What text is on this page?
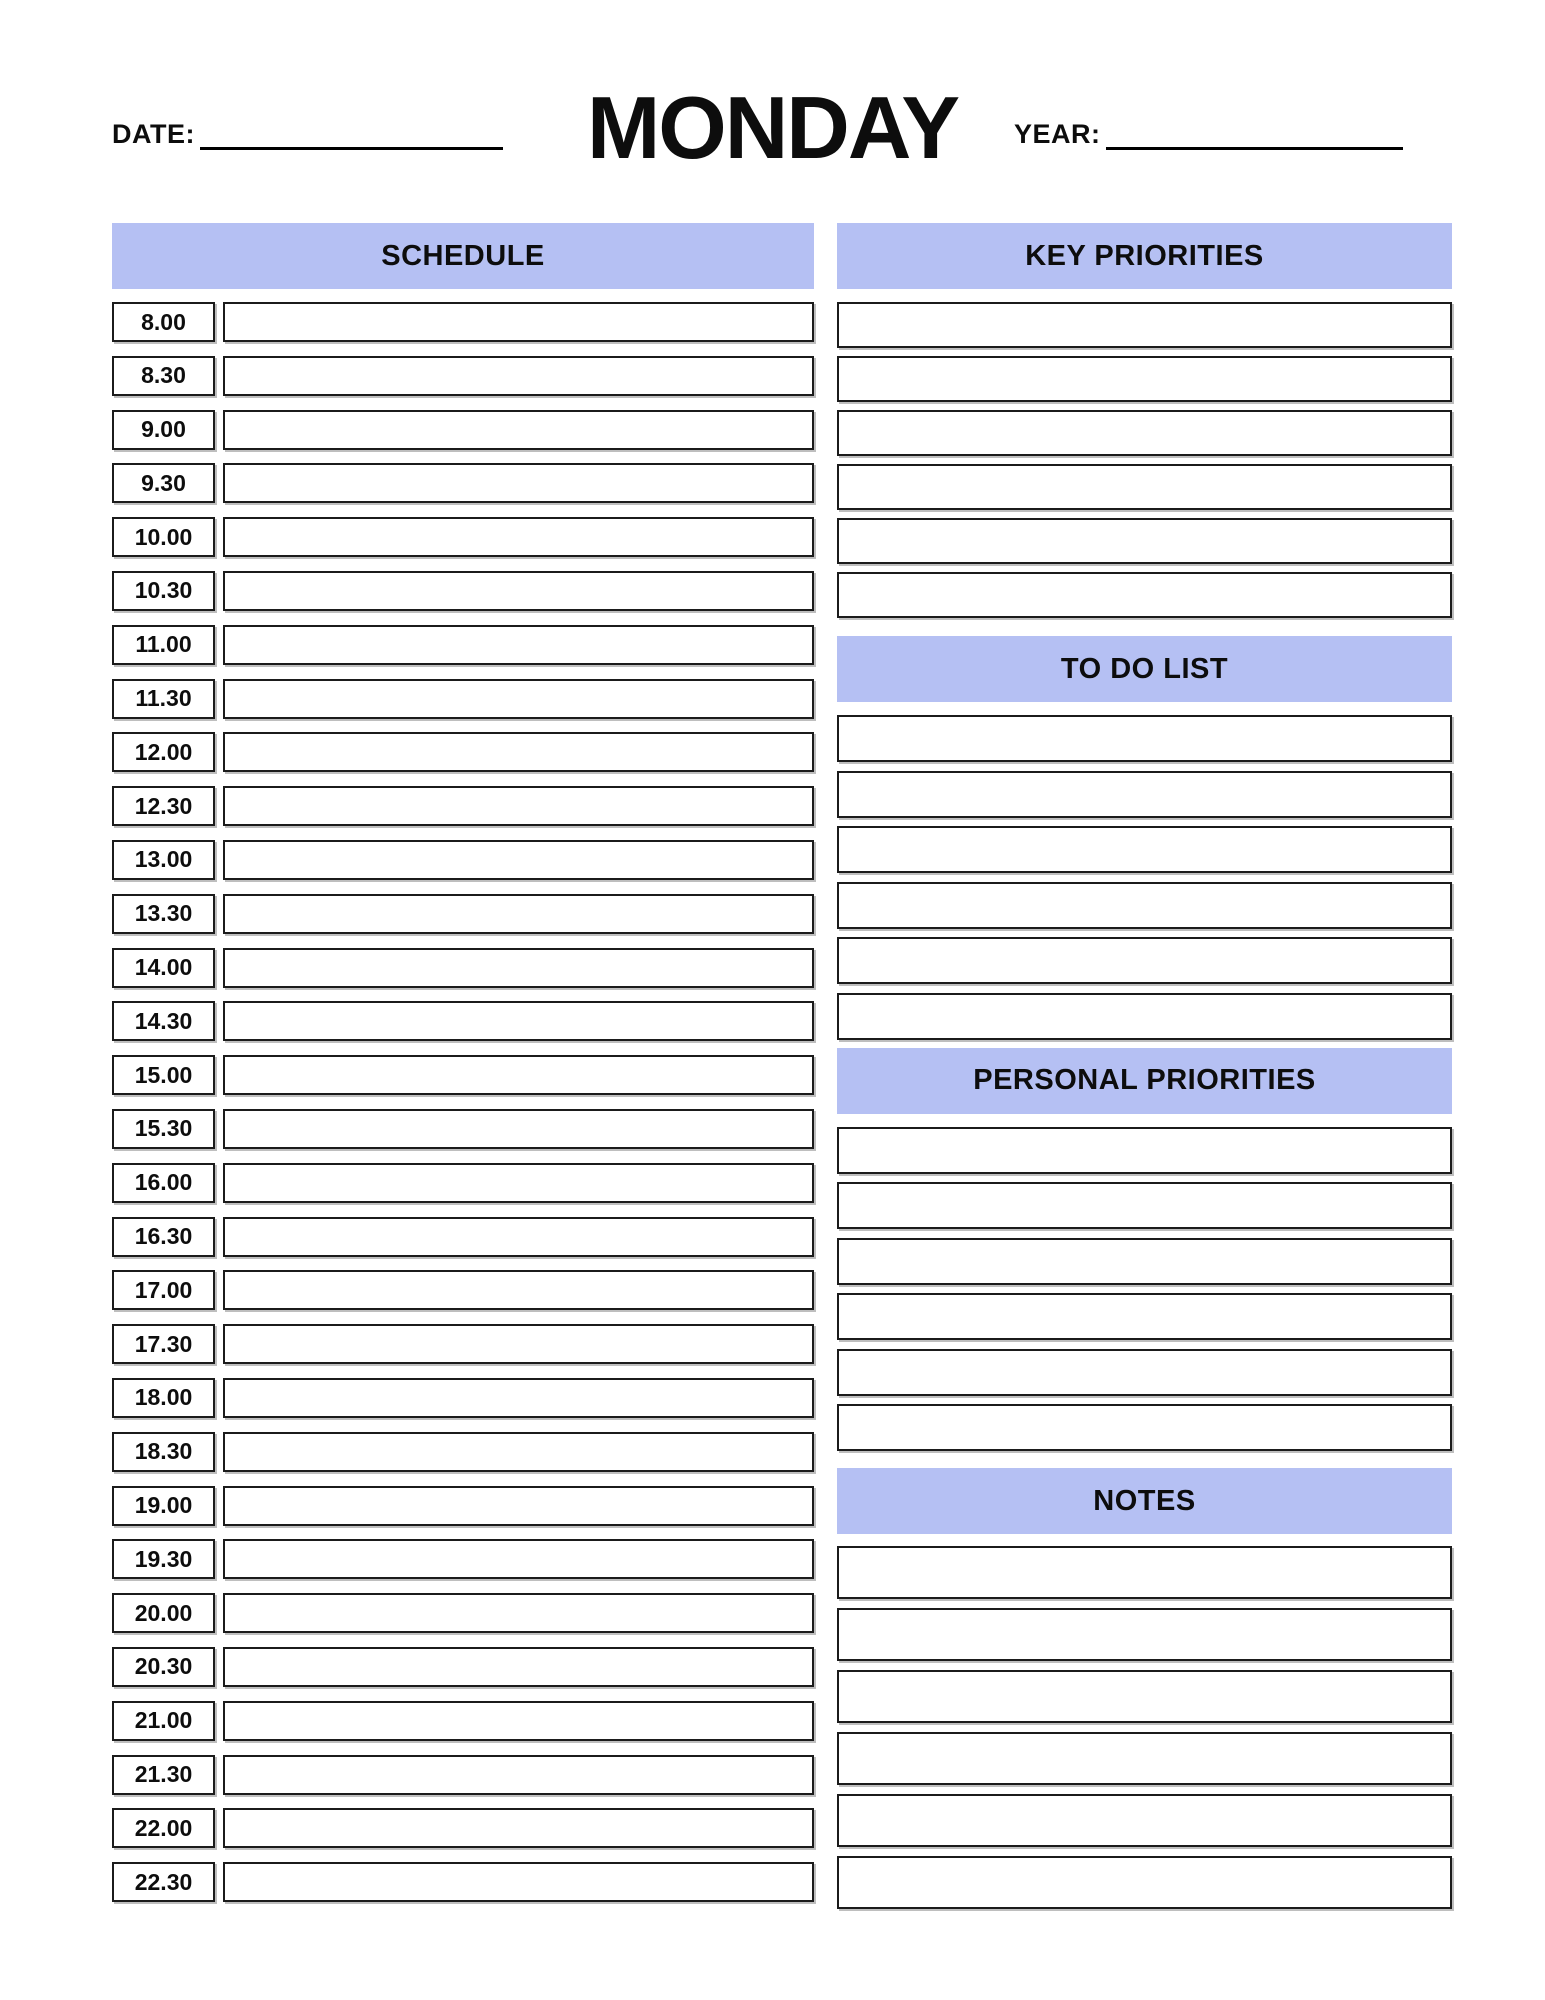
DATE:	MONDAY YEAR:
SCHEDULE
8.00
8.30
9.00
9.30
10.00
10.30
11.00
11.30
12.00
12.30
13.00
13.30
14.00
14.30
15.00
15.30
16.00
16.30
17.00
17.30
18.00
18.30
19.00
19.30
20.00
20.30
21.00
21.30
22.00
22.30
KEY PRIORITIES
TO DO LIST
PERSONAL PRIORITIES
NOTES
